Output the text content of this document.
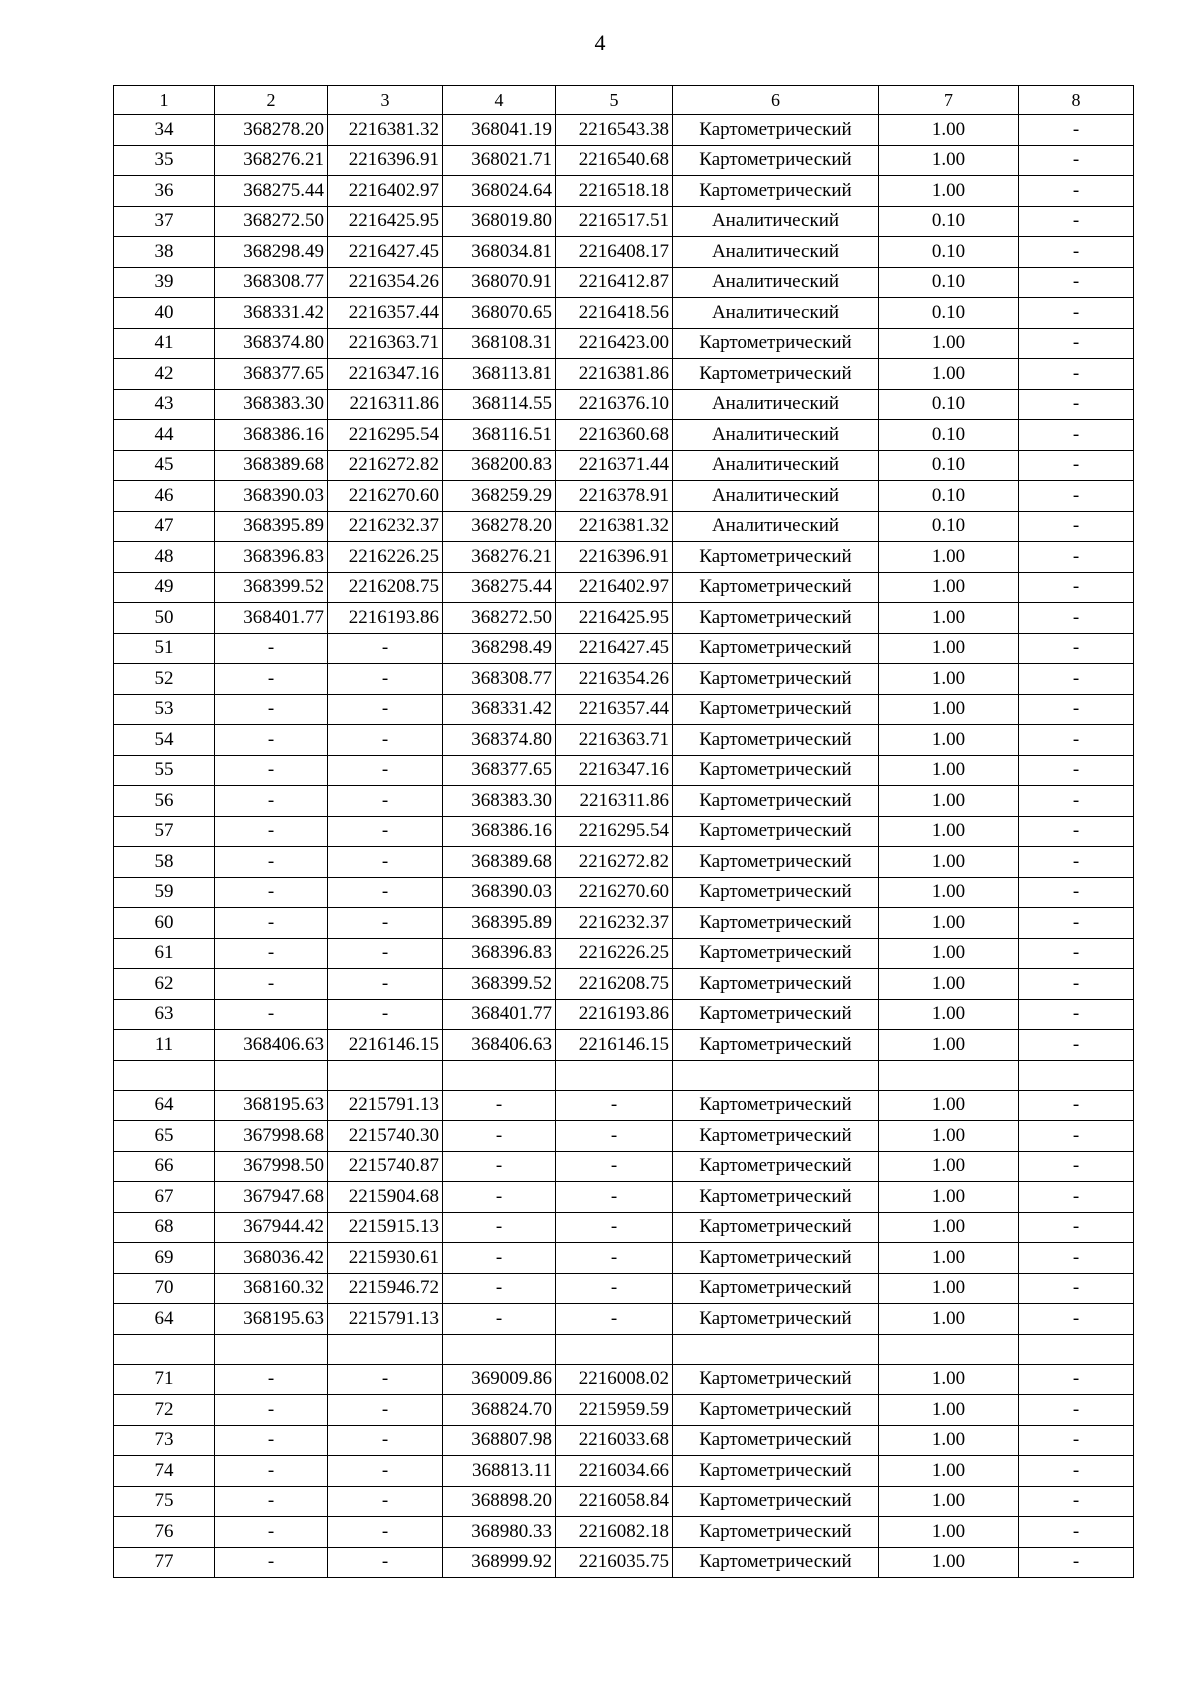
4
1	2	3	4	5	6	7	8
34	368278.20	2216381.32	368041.19	2216543.38	Картометрический	1.00	-
35	368276.21	2216396.91	368021.71	2216540.68	Картометрический	1.00	-
36	368275.44	2216402.97	368024.64	2216518.18	Картометрический	1.00	-
37	368272.50	2216425.95	368019.80	2216517.51	Аналитический	0.10	-
38	368298.49	2216427.45	368034.81	2216408.17	Аналитический	0.10	-
39	368308.77	2216354.26	368070.91	2216412.87	Аналитический	0.10	-
40	368331.42	2216357.44	368070.65	2216418.56	Аналитический	0.10	-
41	368374.80	2216363.71	368108.31	2216423.00	Картометрический	1.00	-
42	368377.65	2216347.16	368113.81	2216381.86	Картометрический	1.00	-
43	368383.30	2216311.86	368114.55	2216376.10	Аналитический	0.10	-
44	368386.16	2216295.54	368116.51	2216360.68	Аналитический	0.10	-
45	368389.68	2216272.82	368200.83	2216371.44	Аналитический	0.10	-
46	368390.03	2216270.60	368259.29	2216378.91	Аналитический	0.10	-
47	368395.89	2216232.37	368278.20	2216381.32	Аналитический	0.10	-
48	368396.83	2216226.25	368276.21	2216396.91	Картометрический	1.00	-
49	368399.52	2216208.75	368275.44	2216402.97	Картометрический	1.00	-
50	368401.77	2216193.86	368272.50	2216425.95	Картометрический	1.00	-
51	-	-	368298.49	2216427.45	Картометрический	1.00	-
52	-	-	368308.77	2216354.26	Картометрический	1.00	-
53	-	-	368331.42	2216357.44	Картометрический	1.00	-
54	-	-	368374.80	2216363.71	Картометрический	1.00	-
55	-	-	368377.65	2216347.16	Картометрический	1.00	-
56	-	-	368383.30	2216311.86	Картометрический	1.00	-
57	-	-	368386.16	2216295.54	Картометрический	1.00	-
58	-	-	368389.68	2216272.82	Картометрический	1.00	-
59	-	-	368390.03	2216270.60	Картометрический	1.00	-
60	-	-	368395.89	2216232.37	Картометрический	1.00	-
61	-	-	368396.83	2216226.25	Картометрический	1.00	-
62	-	-	368399.52	2216208.75	Картометрический	1.00	-
63	-	-	368401.77	2216193.86	Картометрический	1.00	-
11	368406.63	2216146.15	368406.63	2216146.15	Картометрический	1.00	-

64	368195.63	2215791.13	-	-	Картометрический	1.00	-
65	367998.68	2215740.30	-	-	Картометрический	1.00	-
66	367998.50	2215740.87	-	-	Картометрический	1.00	-
67	367947.68	2215904.68	-	-	Картометрический	1.00	-
68	367944.42	2215915.13	-	-	Картометрический	1.00	-
69	368036.42	2215930.61	-	-	Картометрический	1.00	-
70	368160.32	2215946.72	-	-	Картометрический	1.00	-
64	368195.63	2215791.13	-	-	Картометрический	1.00	-

71	-	-	369009.86	2216008.02	Картометрический	1.00	-
72	-	-	368824.70	2215959.59	Картометрический	1.00	-
73	-	-	368807.98	2216033.68	Картометрический	1.00	-
74	-	-	368813.11	2216034.66	Картометрический	1.00	-
75	-	-	368898.20	2216058.84	Картометрический	1.00	-
76	-	-	368980.33	2216082.18	Картометрический	1.00	-
77	-	-	368999.92	2216035.75	Картометрический	1.00	-
